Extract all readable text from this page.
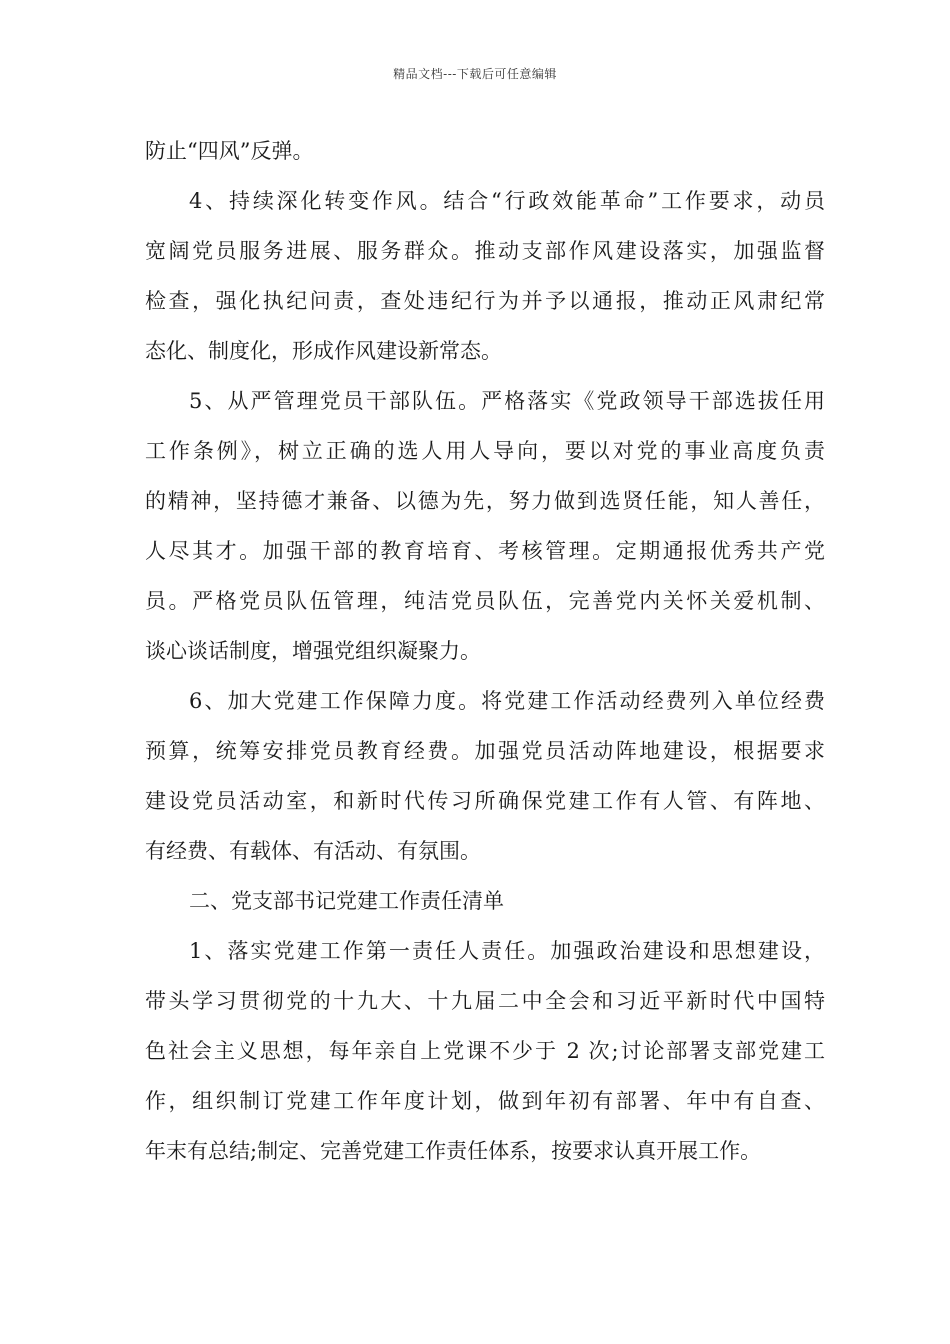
精品文档---下载后可任意编辑
防止“四风”反弹。
4、持续深化转变作风。结合“行政效能革命”工作要求，动员
宽阔党员服务进展、服务群众。推动支部作风建设落实，加强监督
检查，强化执纪问责，查处违纪行为并予以通报，推动正风肃纪常
态化、制度化，形成作风建设新常态。
5、从严管理党员干部队伍。严格落实《党政领导干部选拔任用
工作条例》，树立正确的选人用人导向，要以对党的事业高度负责
的精神，坚持德才兼备、以德为先，努力做到选贤任能，知人善任，
人尽其才。加强干部的教育培育、考核管理。定期通报优秀共产党
员。严格党员队伍管理，纯洁党员队伍，完善党内关怀关爱机制、
谈心谈话制度，增强党组织凝聚力。
6、加大党建工作保障力度。将党建工作活动经费列入单位经费
预算，统筹安排党员教育经费。加强党员活动阵地建设，根据要求
建设党员活动室，和新时代传习所确保党建工作有人管、有阵地、
有经费、有载体、有活动、有氛围。
二、党支部书记党建工作责任清单
1、落实党建工作第一责任人责任。加强政治建设和思想建设，
带头学习贯彻党的十九大、十九届二中全会和习近平新时代中国特
色社会主义思想，每年亲自上党课不少于 2 次;讨论部署支部党建工
作，组织制订党建工作年度计划，做到年初有部署、年中有自查、
年末有总结;制定、完善党建工作责任体系，按要求认真开展工作。
